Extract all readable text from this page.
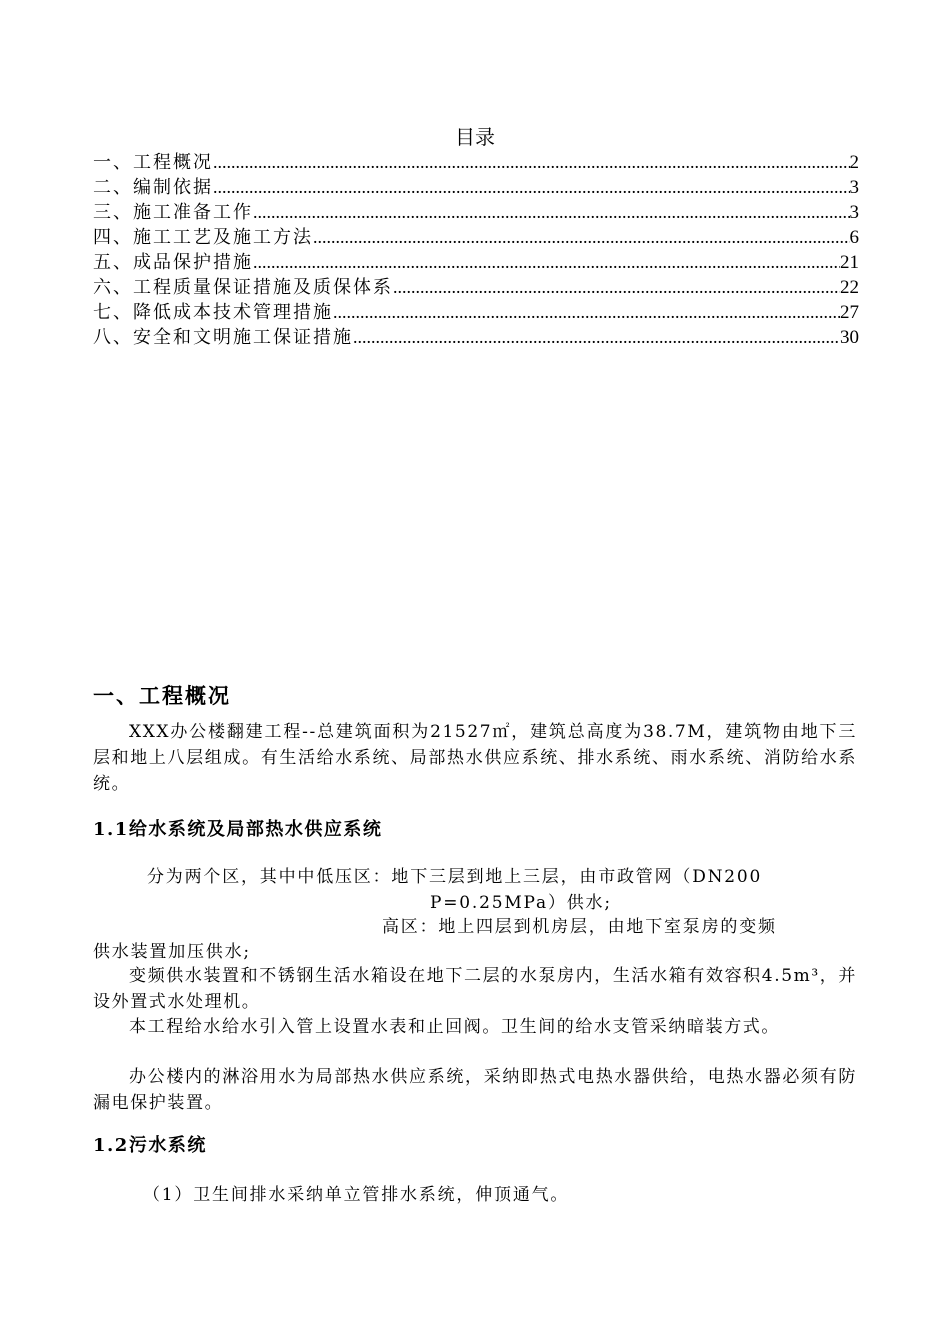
目录
一、工程概况 .....	2
二、编制依据 .....	3
三、施工准备工作 .....	3
四、施工工艺及施工方法 .....	6
五、成品保护措施 .....	21
六、工程质量保证措施及质保体系 .....	22
七、降低成本技术管理措施 .....	27
八、安全和文明施工保证措施 .....	30
一、工程概况
XXX办公楼翻建工程--总建筑面积为21527㎡，建筑总高度为38.7M，建筑物由地下三层和地上八层组成。有生活给水系统、局部热水供应系统、排水系统、雨水系统、消防给水系统。
1.1给水系统及局部热水供应系统
分为两个区，其中中低压区：地下三层到地上三层，由市政管网（DN200
P=0.25MPa）供水;
高区：地上四层到机房层，由地下室泵房的变频
供水装置加压供水;
变频供水装置和不锈钢生活水箱设在地下二层的水泵房内，生活水箱有效容积4.5m³，并设外置式水处理机。
本工程给水给水引入管上设置水表和止回阀。卫生间的给水支管采纳暗装方式。
办公楼内的淋浴用水为局部热水供应系统，采纳即热式电热水器供给，电热水器必须有防漏电保护装置。
1.2污水系统
（1）卫生间排水采纳单立管排水系统，伸顶通气。
